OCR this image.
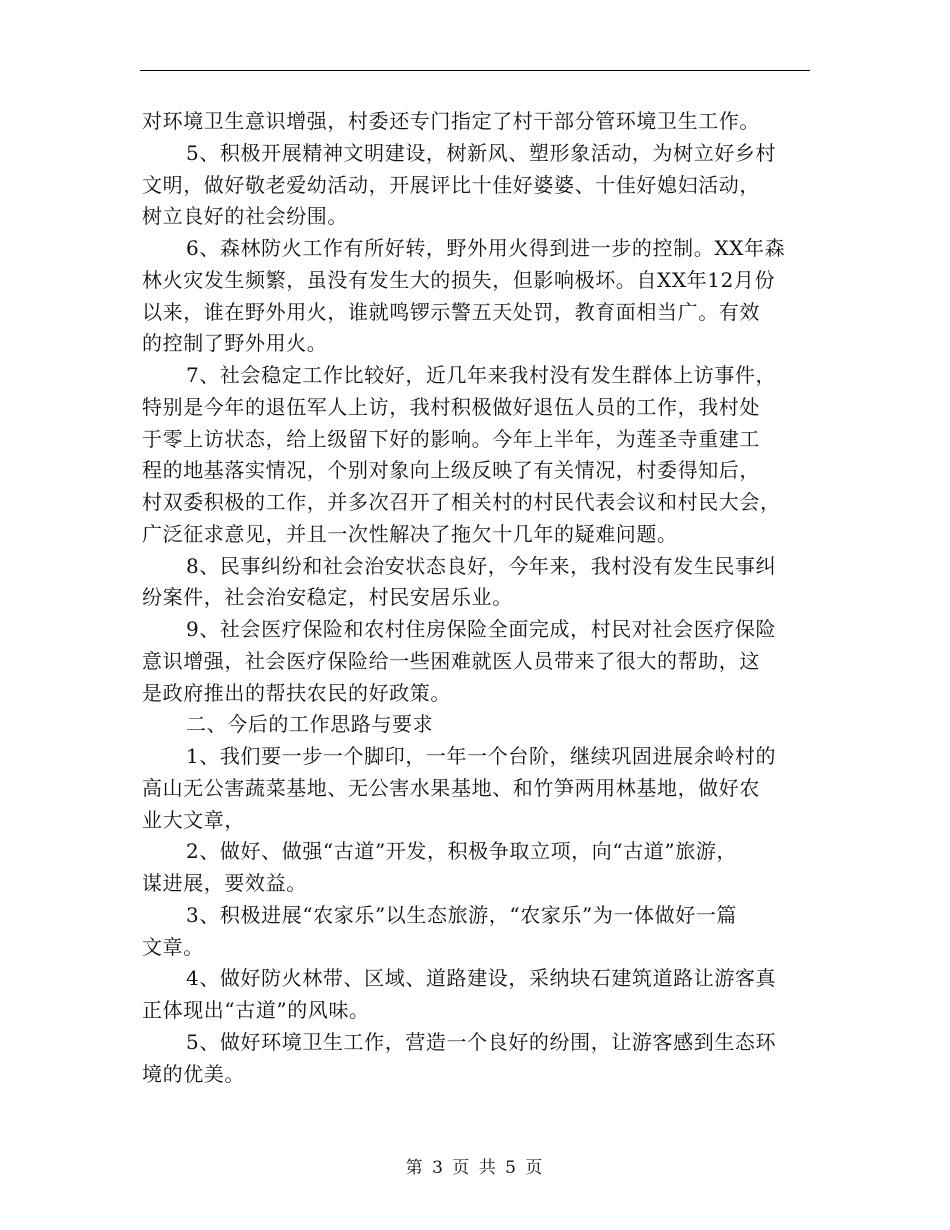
对环境卫生意识增强，村委还专门指定了村干部分管环境卫生工作。
5、积极开展精神文明建设，树新风、塑形象活动，为树立好乡村
文明，做好敬老爱幼活动，开展评比十佳好婆婆、十佳好媳妇活动，
树立良好的社会纷围。
6、森林防火工作有所好转，野外用火得到进一步的控制。XX年森
林火灾发生频繁，虽没有发生大的损失，但影响极坏。自XX年12月份
以来，谁在野外用火，谁就鸣锣示警五天处罚，教育面相当广。有效
的控制了野外用火。
7、社会稳定工作比较好，近几年来我村没有发生群体上访事件，
特别是今年的退伍军人上访，我村积极做好退伍人员的工作，我村处
于零上访状态，给上级留下好的影响。今年上半年，为莲圣寺重建工
程的地基落实情况，个别对象向上级反映了有关情况，村委得知后，
村双委积极的工作，并多次召开了相关村的村民代表会议和村民大会，
广泛征求意见，并且一次性解决了拖欠十几年的疑难问题。
8、民事纠纷和社会治安状态良好，今年来，我村没有发生民事纠
纷案件，社会治安稳定，村民安居乐业。
9、社会医疗保险和农村住房保险全面完成，村民对社会医疗保险
意识增强，社会医疗保险给一些困难就医人员带来了很大的帮助，这
是政府推出的帮扶农民的好政策。
二、今后的工作思路与要求
1、我们要一步一个脚印，一年一个台阶，继续巩固进展余岭村的
高山无公害蔬菜基地、无公害水果基地、和竹笋两用林基地，做好农
业大文章，
2、做好、做强“古道”开发，积极争取立项，向“古道”旅游，
谋进展，要效益。
3、积极进展“农家乐”以生态旅游，“农家乐”为一体做好一篇
文章。
4、做好防火林带、区域、道路建设，采纳块石建筑道路让游客真
正体现出“古道”的风味。
5、做好环境卫生工作，营造一个良好的纷围，让游客感到生态环
境的优美。
第 3 页 共 5 页
